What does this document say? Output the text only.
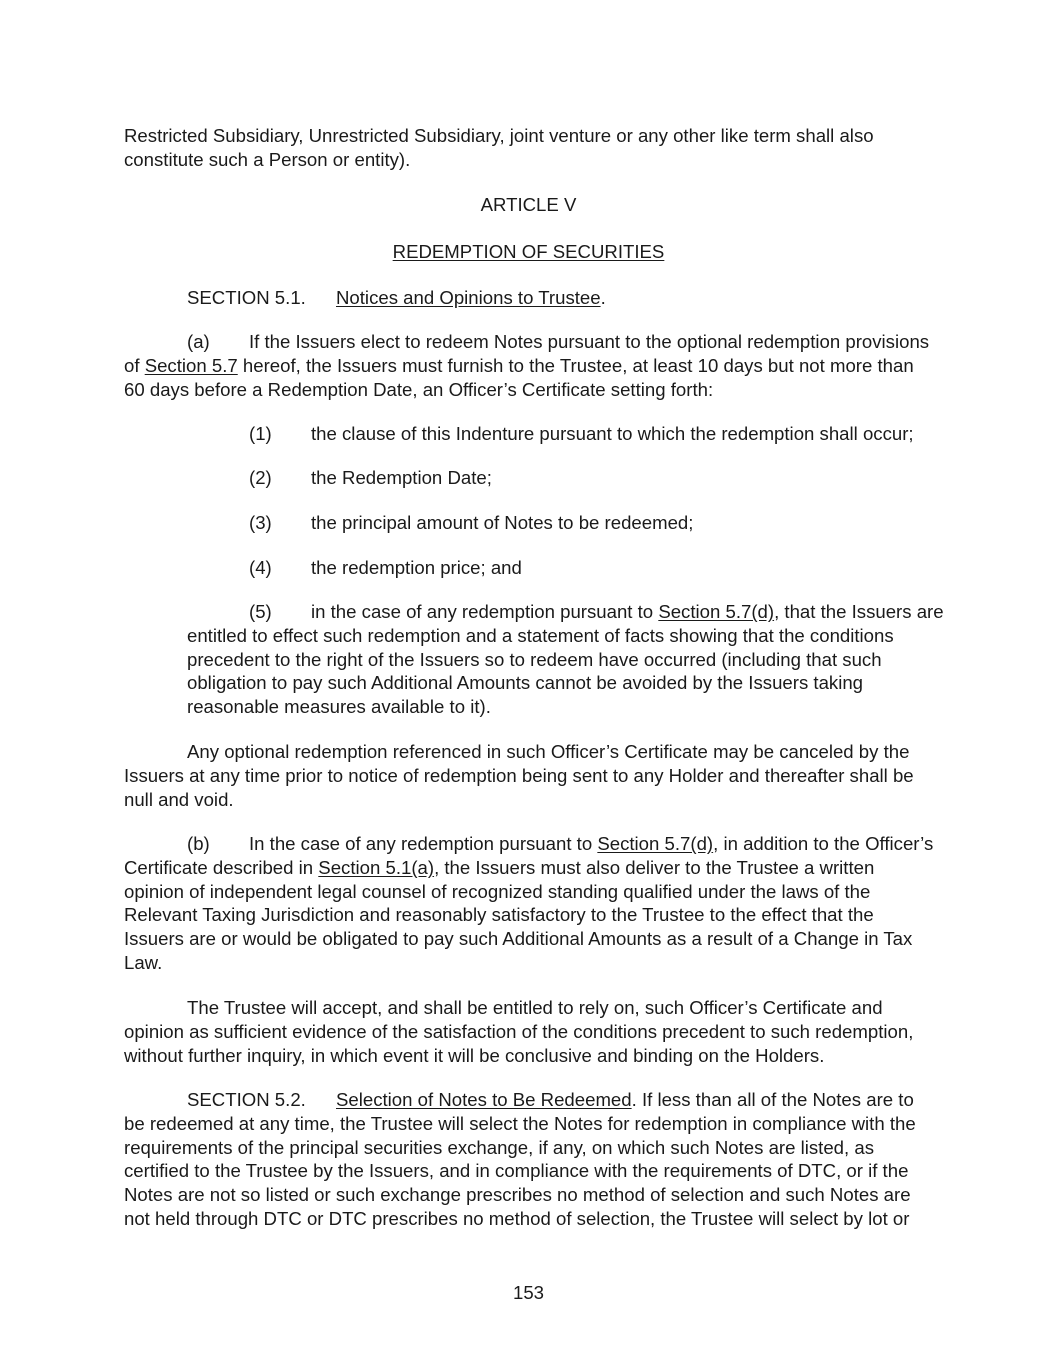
Restricted Subsidiary, Unrestricted Subsidiary, joint venture or any other like term shall also constitute such a Person or entity).

ARTICLE V

REDEMPTION OF SECURITIES

SECTION 5.1. Notices and Opinions to Trustee.

(a) If the Issuers elect to redeem Notes pursuant to the optional redemption provisions of Section 5.7 hereof, the Issuers must furnish to the Trustee, at least 10 days but not more than 60 days before a Redemption Date, an Officer’s Certificate setting forth:

(1) the clause of this Indenture pursuant to which the redemption shall occur;

(2) the Redemption Date;

(3) the principal amount of Notes to be redeemed;

(4) the redemption price; and

(5) in the case of any redemption pursuant to Section 5.7(d), that the Issuers are entitled to effect such redemption and a statement of facts showing that the conditions precedent to the right of the Issuers so to redeem have occurred (including that such obligation to pay such Additional Amounts cannot be avoided by the Issuers taking reasonable measures available to it).

Any optional redemption referenced in such Officer’s Certificate may be canceled by the Issuers at any time prior to notice of redemption being sent to any Holder and thereafter shall be null and void.

(b) In the case of any redemption pursuant to Section 5.7(d), in addition to the Officer’s Certificate described in Section 5.1(a), the Issuers must also deliver to the Trustee a written opinion of independent legal counsel of recognized standing qualified under the laws of the Relevant Taxing Jurisdiction and reasonably satisfactory to the Trustee to the effect that the Issuers are or would be obligated to pay such Additional Amounts as a result of a Change in Tax Law.

The Trustee will accept, and shall be entitled to rely on, such Officer’s Certificate and opinion as sufficient evidence of the satisfaction of the conditions precedent to such redemption, without further inquiry, in which event it will be conclusive and binding on the Holders.

SECTION 5.2. Selection of Notes to Be Redeemed. If less than all of the Notes are to be redeemed at any time, the Trustee will select the Notes for redemption in compliance with the requirements of the principal securities exchange, if any, on which such Notes are listed, as certified to the Trustee by the Issuers, and in compliance with the requirements of DTC, or if the Notes are not so listed or such exchange prescribes no method of selection and such Notes are not held through DTC or DTC prescribes no method of selection, the Trustee will select by lot or

153
